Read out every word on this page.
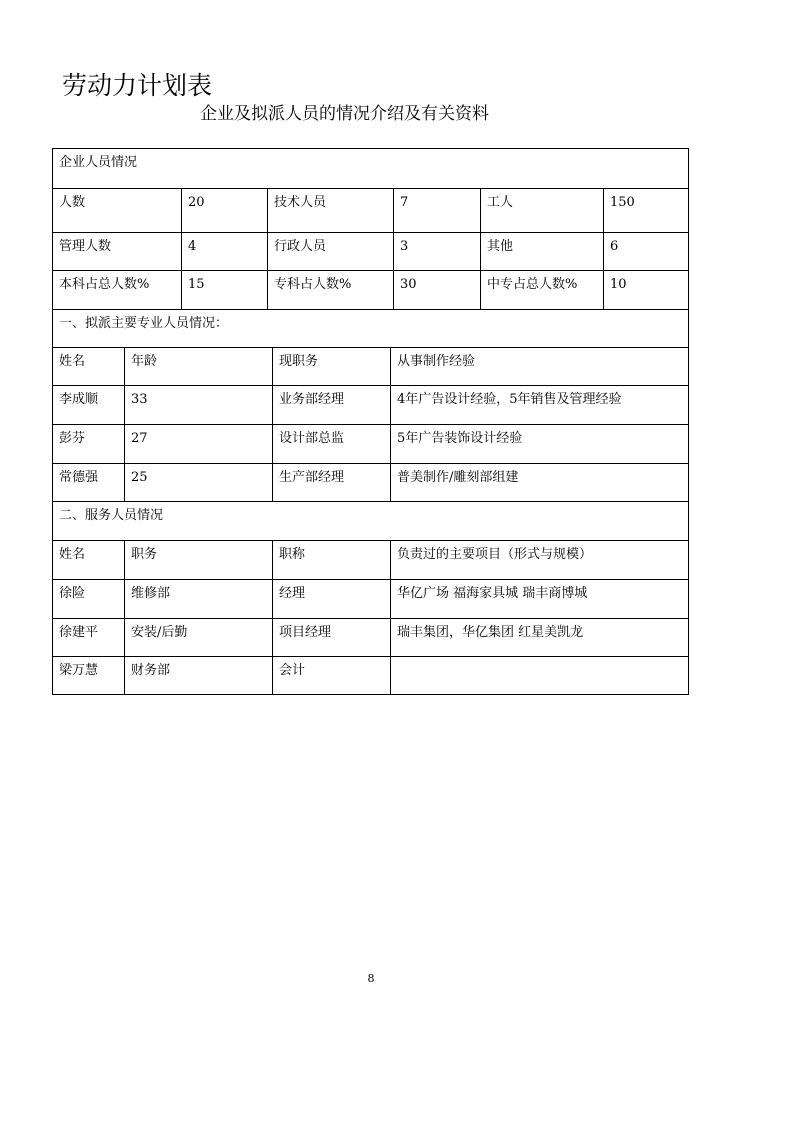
劳动力计划表
企业及拟派人员的情况介绍及有关资料
企业人员情况
人数	20	技术人员	7	工人	150
管理人数	4	行政人员	3	其他	6
本科占总人数%	15	专科占人数%	30	中专占总人数%	10
一、拟派主要专业人员情况：
姓名	年龄	现职务	从事制作经验
李成顺	33	业务部经理	4年广告设计经验，5年销售及管理经验
彭芬	27	设计部总监	5年广告装饰设计经验
常德强	25	生产部经理	普美制作/雕刻部组建
二、服务人员情况
姓名	职务	职称	负责过的主要项目（形式与规模）
徐险	维修部	经理	华亿广场 福海家具城 瑞丰商博城
徐建平	安装/后勤	项目经理	瑞丰集团，华亿集团 红星美凯龙
梁万慧	财务部	会计
8
